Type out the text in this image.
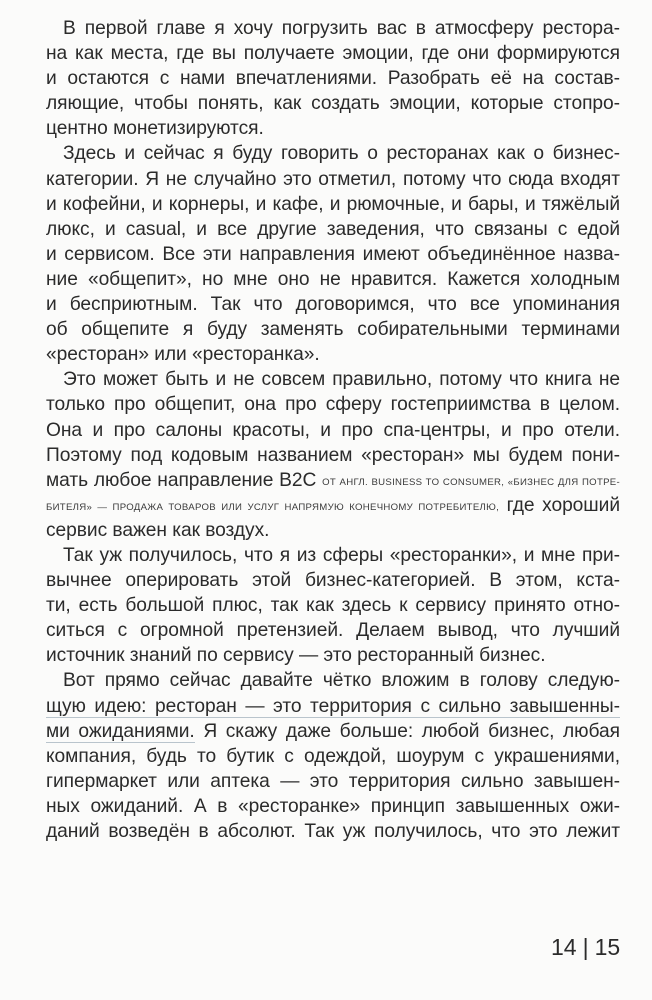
В первой главе я хочу погрузить вас в атмосферу ресторa-
на как места, где вы получаете эмоции, где они формируются
и остаются с нами впечатлениями. Разобрать её на состав-
ляющие, чтобы понять, как создать эмоции, которые стопро-
центно монетизируются.
Здесь и сейчас я буду говорить о ресторанах как о бизнес-
категории. Я не случайно это отметил, потому что сюда входят
и кофейни, и корнеры, и кафе, и рюмочные, и бары, и тяжёлый
люкс, и casual, и все другие заведения, что связаны с едой
и сервисом. Все эти направления имеют объединённое назва-
ние «общепит», но мне оно не нравится. Кажется холодным
и бесприютным. Так что договоримся, что все упоминания
об общепите я буду заменять собирательными терминами
«ресторан» или «ресторанка».
Это может быть и не совсем правильно, потому что книга не
только про общепит, она про сферу гостеприимства в целом.
Она и про салоны красоты, и про спа-центры, и про отели.
Поэтому под кодовым названием «ресторан» мы будем пони-
мать любое направление B2C ОТ АНГЛ. BUSINESS TO CONSUMER, «БИЗНЕС ДЛЯ ПОТРЕ-
БИТЕЛЯ» — ПРОДАЖА ТОВАРОВ ИЛИ УСЛУГ НАПРЯМУЮ КОНЕЧНОМУ ПОТРЕБИТЕЛЮ, где хороший
сервис важен как воздух.
Так уж получилось, что я из сферы «ресторанки», и мне при-
вычнее оперировать этой бизнес-категорией. В этом, кста-
ти, есть большой плюс, так как здесь к сервису принято отно-
ситься с огромной претензией. Делаем вывод, что лучший
источник знаний по сервису — это ресторанный бизнес.
Вот прямо сейчас давайте чётко вложим в голову следую-
щую идею: ресторан — это территория с сильно завышенны-
ми ожиданиями. Я скажу даже больше: любой бизнес, любая
компания, будь то бутик с одеждой, шоурум с украшениями,
гипермаркет или аптека — это территория сильно завышен-
ных ожиданий. А в «ресторанке» принцип завышенных ожи-
даний возведён в абсолют. Так уж получилось, что это лежит
14 | 15
